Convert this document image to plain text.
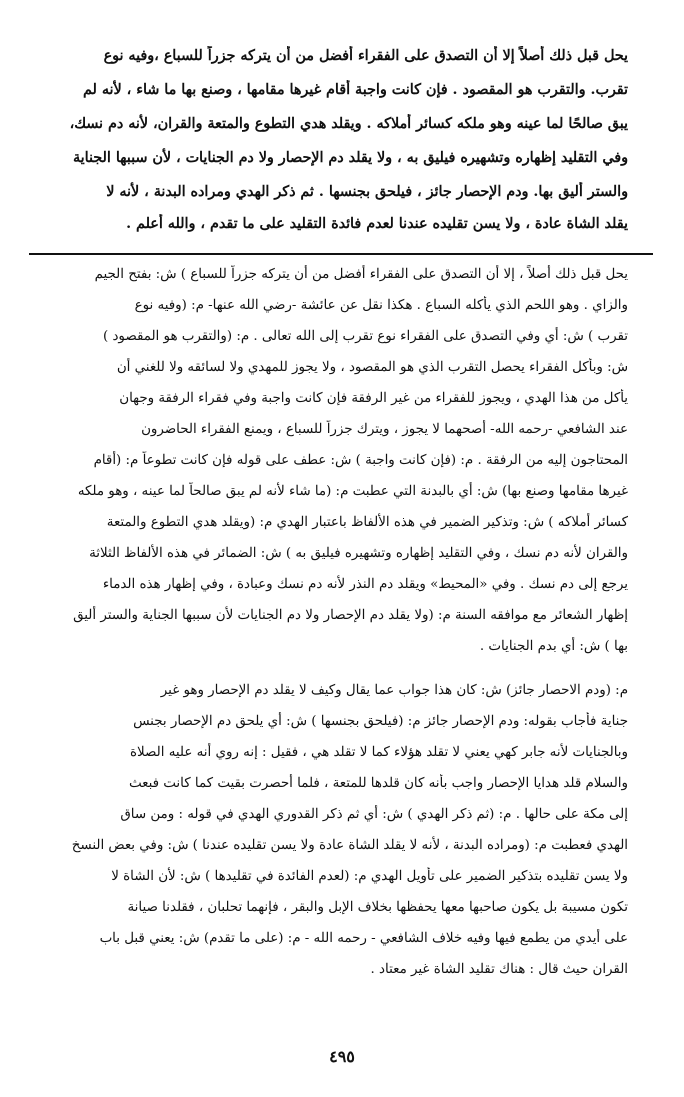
يحل قبل ذلك أصلاً إلا أن التصدق على الفقراء أفضل من أن يتركه جزراً للسباع ،وفيه نوع
تقرب. والتقرب هو المقصود . فإن كانت واجبة أقام غيرها مقامها ، وصنع بها ما شاء ، لأنه لم
يبق صالحًا لما عينه وهو ملكه كسائر أملاكه . ويقلد هدي التطوع والمتعة والقران، لأنه دم نسك،
وفي التقليد إظهاره وتشهيره فيليق به ، ولا يقلد دم الإحصار ولا دم الجنايات ، لأن سببها الجناية
والستر أليق بها. ودم الإحصار جائز ، فيلحق بجنسها . ثم ذكر الهدي ومراده البدنة ، لأنه لا
يقلد الشاة عادة ، ولا يسن تقليده عندنا لعدم فائدة التقليد على ما تقدم ، والله أعلم .
يحل قبل ذلك أصلاً ، إلا أن التصدق على الفقراء أفضل من أن يتركه جزراً للسباع ) ش: بفتح الجيم
والزاي . وهو اللحم الذي يأكله السباع . هكذا نقل عن عائشة -رضي الله عنها- م: (وفيه نوع
تقرب ) ش: أي وفي التصدق على الفقراء نوع تقرب إلى الله تعالى . م: (والتقرب هو المقصود )
ش: وبأكل الفقراء يحصل التقرب الذي هو المقصود ، ولا يجوز للمهدي ولا لسائقه ولا للغني أن
يأكل من هذا الهدي ، ويجوز للفقراء من غير الرفقة فإن كانت واجبة وفي فقراء الرفقة وجهان
عند الشافعي -رحمه الله- أصحهما لا يجوز ، ويترك جزراً للسباع ، ويمنع الفقراء الحاضرون
المحتاجون إليه من الرفقة . م: (فإن كانت واجبة ) ش: عطف على قوله فإن كانت تطوعاً م: (أقام
غيرها مقامها وصنع بها) ش: أي بالبدنة التي عطبت م: (ما شاء لأنه لم يبق صالحاً لما عينه ، وهو ملكه
كسائر أملاكه ) ش: وتذكير الضمير في هذه الألفاظ باعتبار الهدي م: (ويقلد هدي التطوع والمتعة
والقران لأنه دم نسك ، وفي التقليد إظهاره وتشهيره فيليق به ) ش: الضمائر في هذه الألفاظ الثلاثة
يرجع إلى دم نسك . وفي «المحيط» ويقلد دم النذر لأنه دم نسك وعبادة ، وفي إظهار هذه الدماء
إظهار الشعائر مع موافقه السنة م: (ولا يقلد دم الإحصار ولا دم الجنايات لأن سببها الجناية والستر أليق
بها ) ش: أي بدم الجنايات .
م: (ودم الاحصار جائز) ش: كان هذا جواب عما يقال وكيف لا يقلد دم الإحصار وهو غير
جناية فأجاب بقوله: ودم الإحصار جائز م: (فيلحق بجنسها ) ش: أي يلحق دم الإحصار بجنس
وبالجنايات لأنه جابر كهي يعني لا تقلد هؤلاء كما لا تقلد هي ، فقيل : إنه روي أنه عليه الصلاة
والسلام قلد هدايا الإحصار واجب بأنه كان قلدها للمتعة ، فلما أحصرت بقيت كما كانت فبعث
إلى مكة على حالها . م: (ثم ذكر الهدي ) ش: أي ثم ذكر القدوري الهدي في قوله : ومن ساق
الهدي فعطبت م: (ومراده البدنة ، لأنه لا يقلد الشاة عادة ولا يسن تقليده عندنا ) ش: وفي بعض النسخ
ولا يسن تقليده بتذكير الضمير على تأويل الهدي م: (لعدم الفائدة في تقليدها ) ش: لأن الشاة لا
تكون مسيبة بل يكون صاحبها معها يحفظها بخلاف الإبل والبقر ، فإنهما تحلبان ، فقلدنا صيانة
على أيدي من يطمع فيها وفيه خلاف الشافعي - رحمه الله - م: (على ما تقدم) ش: يعني قبل باب
القران حيث قال : هناك تقليد الشاة غير معتاد .
٤٩٥
